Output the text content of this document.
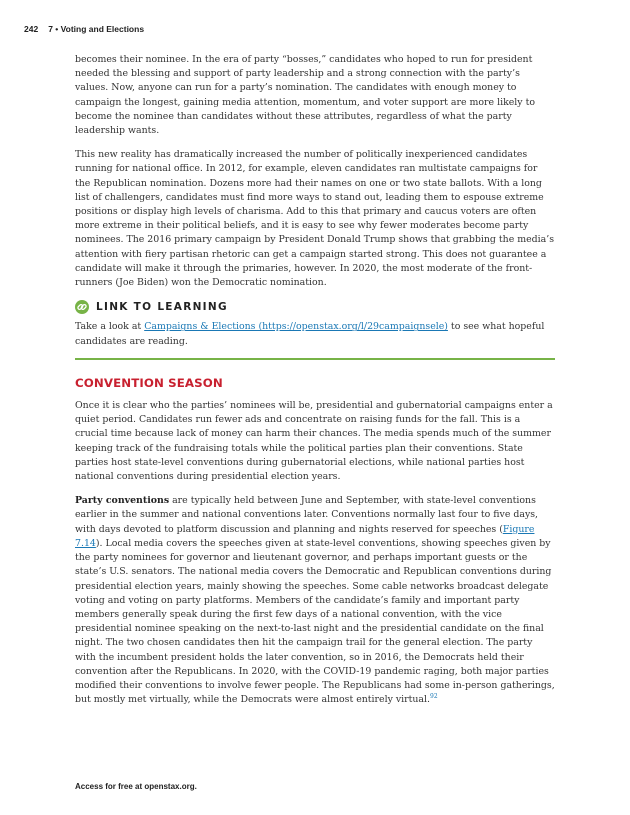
242 7 • Voting and Elections

becomes their nominee. In the era of party “bosses,” candidates who hoped to run for president needed the blessing and support of party leadership and a strong connection with the party’s values. Now, anyone can run for a party’s nomination. The candidates with enough money to campaign the longest, gaining media attention, momentum, and voter support are more likely to become the nominee than candidates without these attributes, regardless of what the party leadership wants.

This new reality has dramatically increased the number of politically inexperienced candidates running for national office. In 2012, for example, eleven candidates ran multistate campaigns for the Republican nomination. Dozens more had their names on one or two state ballots. With a long list of challengers, candidates must find more ways to stand out, leading them to espouse extreme positions or display high levels of charisma. Add to this that primary and caucus voters are often more extreme in their political beliefs, and it is easy to see why fewer moderates become party nominees. The 2016 primary campaign by President Donald Trump shows that grabbing the media’s attention with fiery partisan rhetoric can get a campaign started strong. This does not guarantee a candidate will make it through the primaries, however. In 2020, the most moderate of the front-runners (Joe Biden) won the Democratic nomination.

LINK TO LEARNING

Take a look at Campaigns & Elections (https://openstax.org/l/29campaignsele) to see what hopeful candidates are reading.

CONVENTION SEASON

Once it is clear who the parties’ nominees will be, presidential and gubernatorial campaigns enter a quiet period. Candidates run fewer ads and concentrate on raising funds for the fall. This is a crucial time because lack of money can harm their chances. The media spends much of the summer keeping track of the fundraising totals while the political parties plan their conventions. State parties host state-level conventions during gubernatorial elections, while national parties host national conventions during presidential election years.

Party conventions are typically held between June and September, with state-level conventions earlier in the summer and national conventions later. Conventions normally last four to five days, with days devoted to platform discussion and planning and nights reserved for speeches (Figure 7.14). Local media covers the speeches given at state-level conventions, showing speeches given by the party nominees for governor and lieutenant governor, and perhaps important guests or the state’s U.S. senators. The national media covers the Democratic and Republican conventions during presidential election years, mainly showing the speeches. Some cable networks broadcast delegate voting and voting on party platforms. Members of the candidate’s family and important party members generally speak during the first few days of a national convention, with the vice presidential nominee speaking on the next-to-last night and the presidential candidate on the final night. The two chosen candidates then hit the campaign trail for the general election. The party with the incumbent president holds the later convention, so in 2016, the Democrats held their convention after the Republicans. In 2020, with the COVID-19 pandemic raging, both major parties modified their conventions to involve fewer people. The Republicans had some in-person gatherings, but mostly met virtually, while the Democrats were almost entirely virtual.$^{92}$

Access for free at openstax.org.
